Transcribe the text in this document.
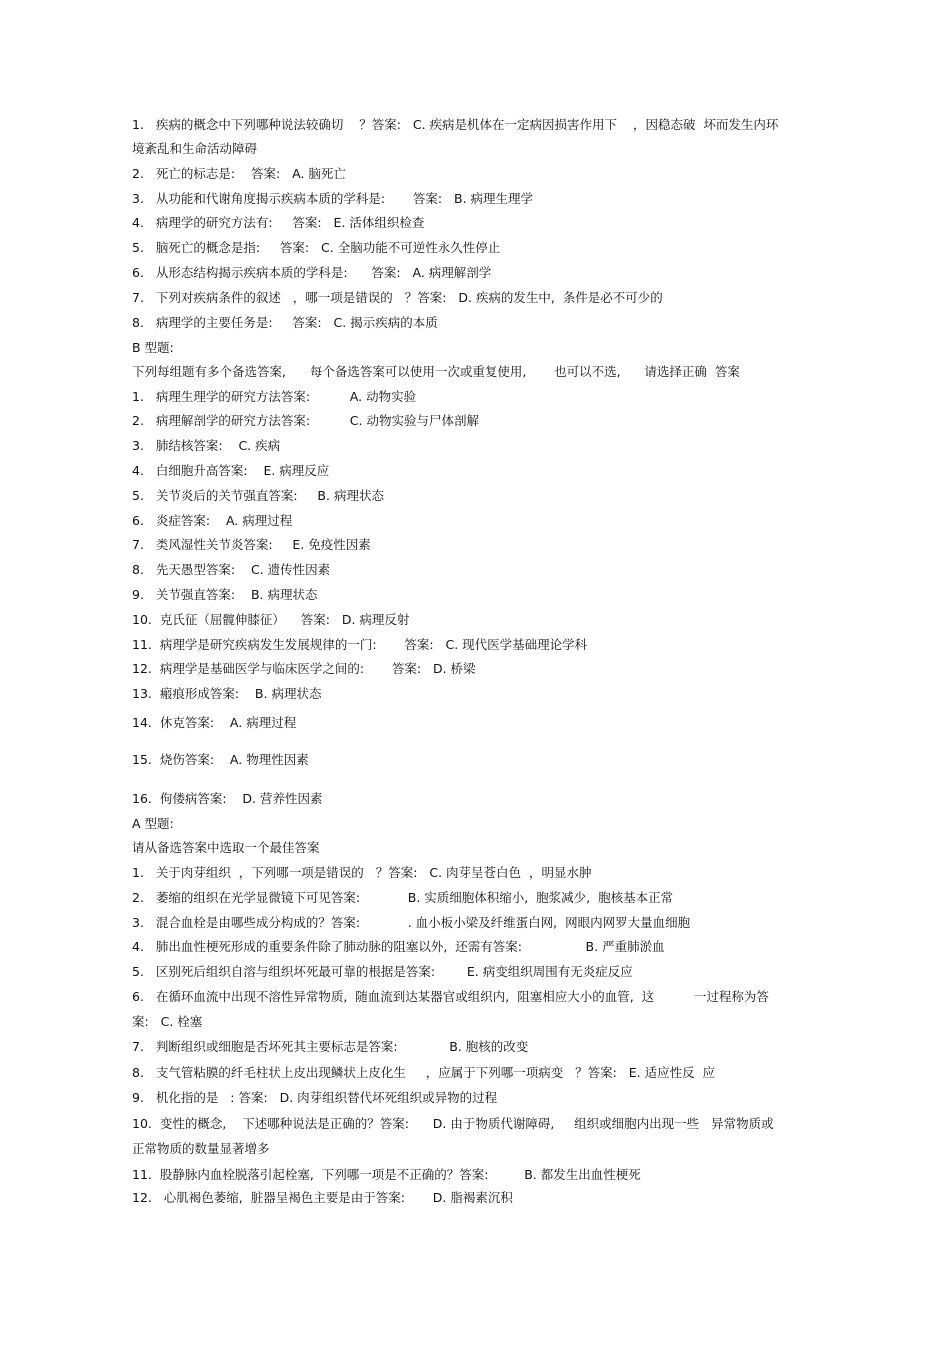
1.   疾病的概念中下列哪种说法较确切    ？答案:   C. 疾病是机体在一定病因损害作用下    ，因稳态破  坏而发生内环
境紊乱和生命活动障碍
2.   死亡的标志是:    答案:   A. 脑死亡
3.   从功能和代谢角度揭示疾病本质的学科是:       答案:   B. 病理生理学
4.   病理学的研究方法有:     答案:   E. 活体组织检查
5.   脑死亡的概念是指:     答案:   C. 全脑功能不可逆性永久性停止
6.   从形态结构揭示疾病本质的学科是:      答案:   A. 病理解剖学
7.   下列对疾病条件的叙述   ，哪一项是错误的   ？答案:   D. 疾病的发生中,  条件是必不可少的
8.   病理学的主要任务是:     答案:   C. 揭示疾病的本质
B 型题:
下列每组题有多个备选答案,      每个备选答案可以使用一次或重复使用,       也可以不选,      请选择正确  答案
1.   病理生理学的研究方法答案:          A. 动物实验
2.   病理解剖学的研究方法答案:          C. 动物实验与尸体剖解
3.   肺结核答案:    C. 疾病
4.   白细胞升高答案:    E. 病理反应
5.   关节炎后的关节强直答案:     B. 病理状态
6.   炎症答案:    A. 病理过程
7.   类风湿性关节炎答案:     E. 免疫性因素
8.   先天愚型答案:    C. 遗传性因素
9.   关节强直答案:    B. 病理状态
10.  克氏征（屈髋伸膝征）    答案:   D. 病理反射
11.  病理学是研究疾病发生发展规律的一门:       答案:   C. 现代医学基础理论学科
12.  病理学是基础医学与临床医学之间的:       答案:   D. 桥梁
13.  瘢痕形成答案:    B. 病理状态
14.  休克答案:    A. 病理过程
15.  烧伤答案:    A. 物理性因素
16.  佝偻病答案:    D. 营养性因素
A 型题:
请从备选答案中选取一个最佳答案
1.   关于肉芽组织  ，下列哪一项是错误的   ？答案:   C. 肉芽呈苍白色  ，明显水肿
2.   萎缩的组织在光学显微镜下可见答案:            B. 实质细胞体积缩小,  胞浆减少,  胞核基本正常
3.   混合血栓是由哪些成分构成的？答案:            . 血小板小梁及纤维蛋白网,  网眼内网罗大量血细胞
4.   肺出血性梗死形成的重要条件除了肺动脉的阻塞以外,  还需有答案:                B. 严重肺淤血
5.   区别死后组织自溶与组织坏死最可靠的根据是答案:        E. 病变组织周围有无炎症反应
6.   在循环血流中出现不溶性异常物质,  随血流到达某器官或组织内,  阻塞相应大小的血管,  这          一过程称为答
案:   C. 栓塞
7.   判断组织或细胞是否坏死其主要标志是答案:             B. 胞核的改变
8.   支气管粘膜的纤毛柱状上皮出现鳞状上皮化生     ，应属于下列哪一项病变   ？答案:   E. 适应性反  应
9.   机化指的是   : 答案:   D. 肉芽组织替代坏死组织或异物的过程
10.  变性的概念,    下述哪种说法是正确的？答案:      D. 由于物质代谢障碍,     组织或细胞内出现一些   异常物质或
正常物质的数量显著增多
11.  股静脉内血栓脱落引起栓塞,  下列哪一项是不正确的？答案:         B. 都发生出血性梗死
12.   心肌褐色萎缩,  脏器呈褐色主要是由于答案:       D. 脂褐素沉积
